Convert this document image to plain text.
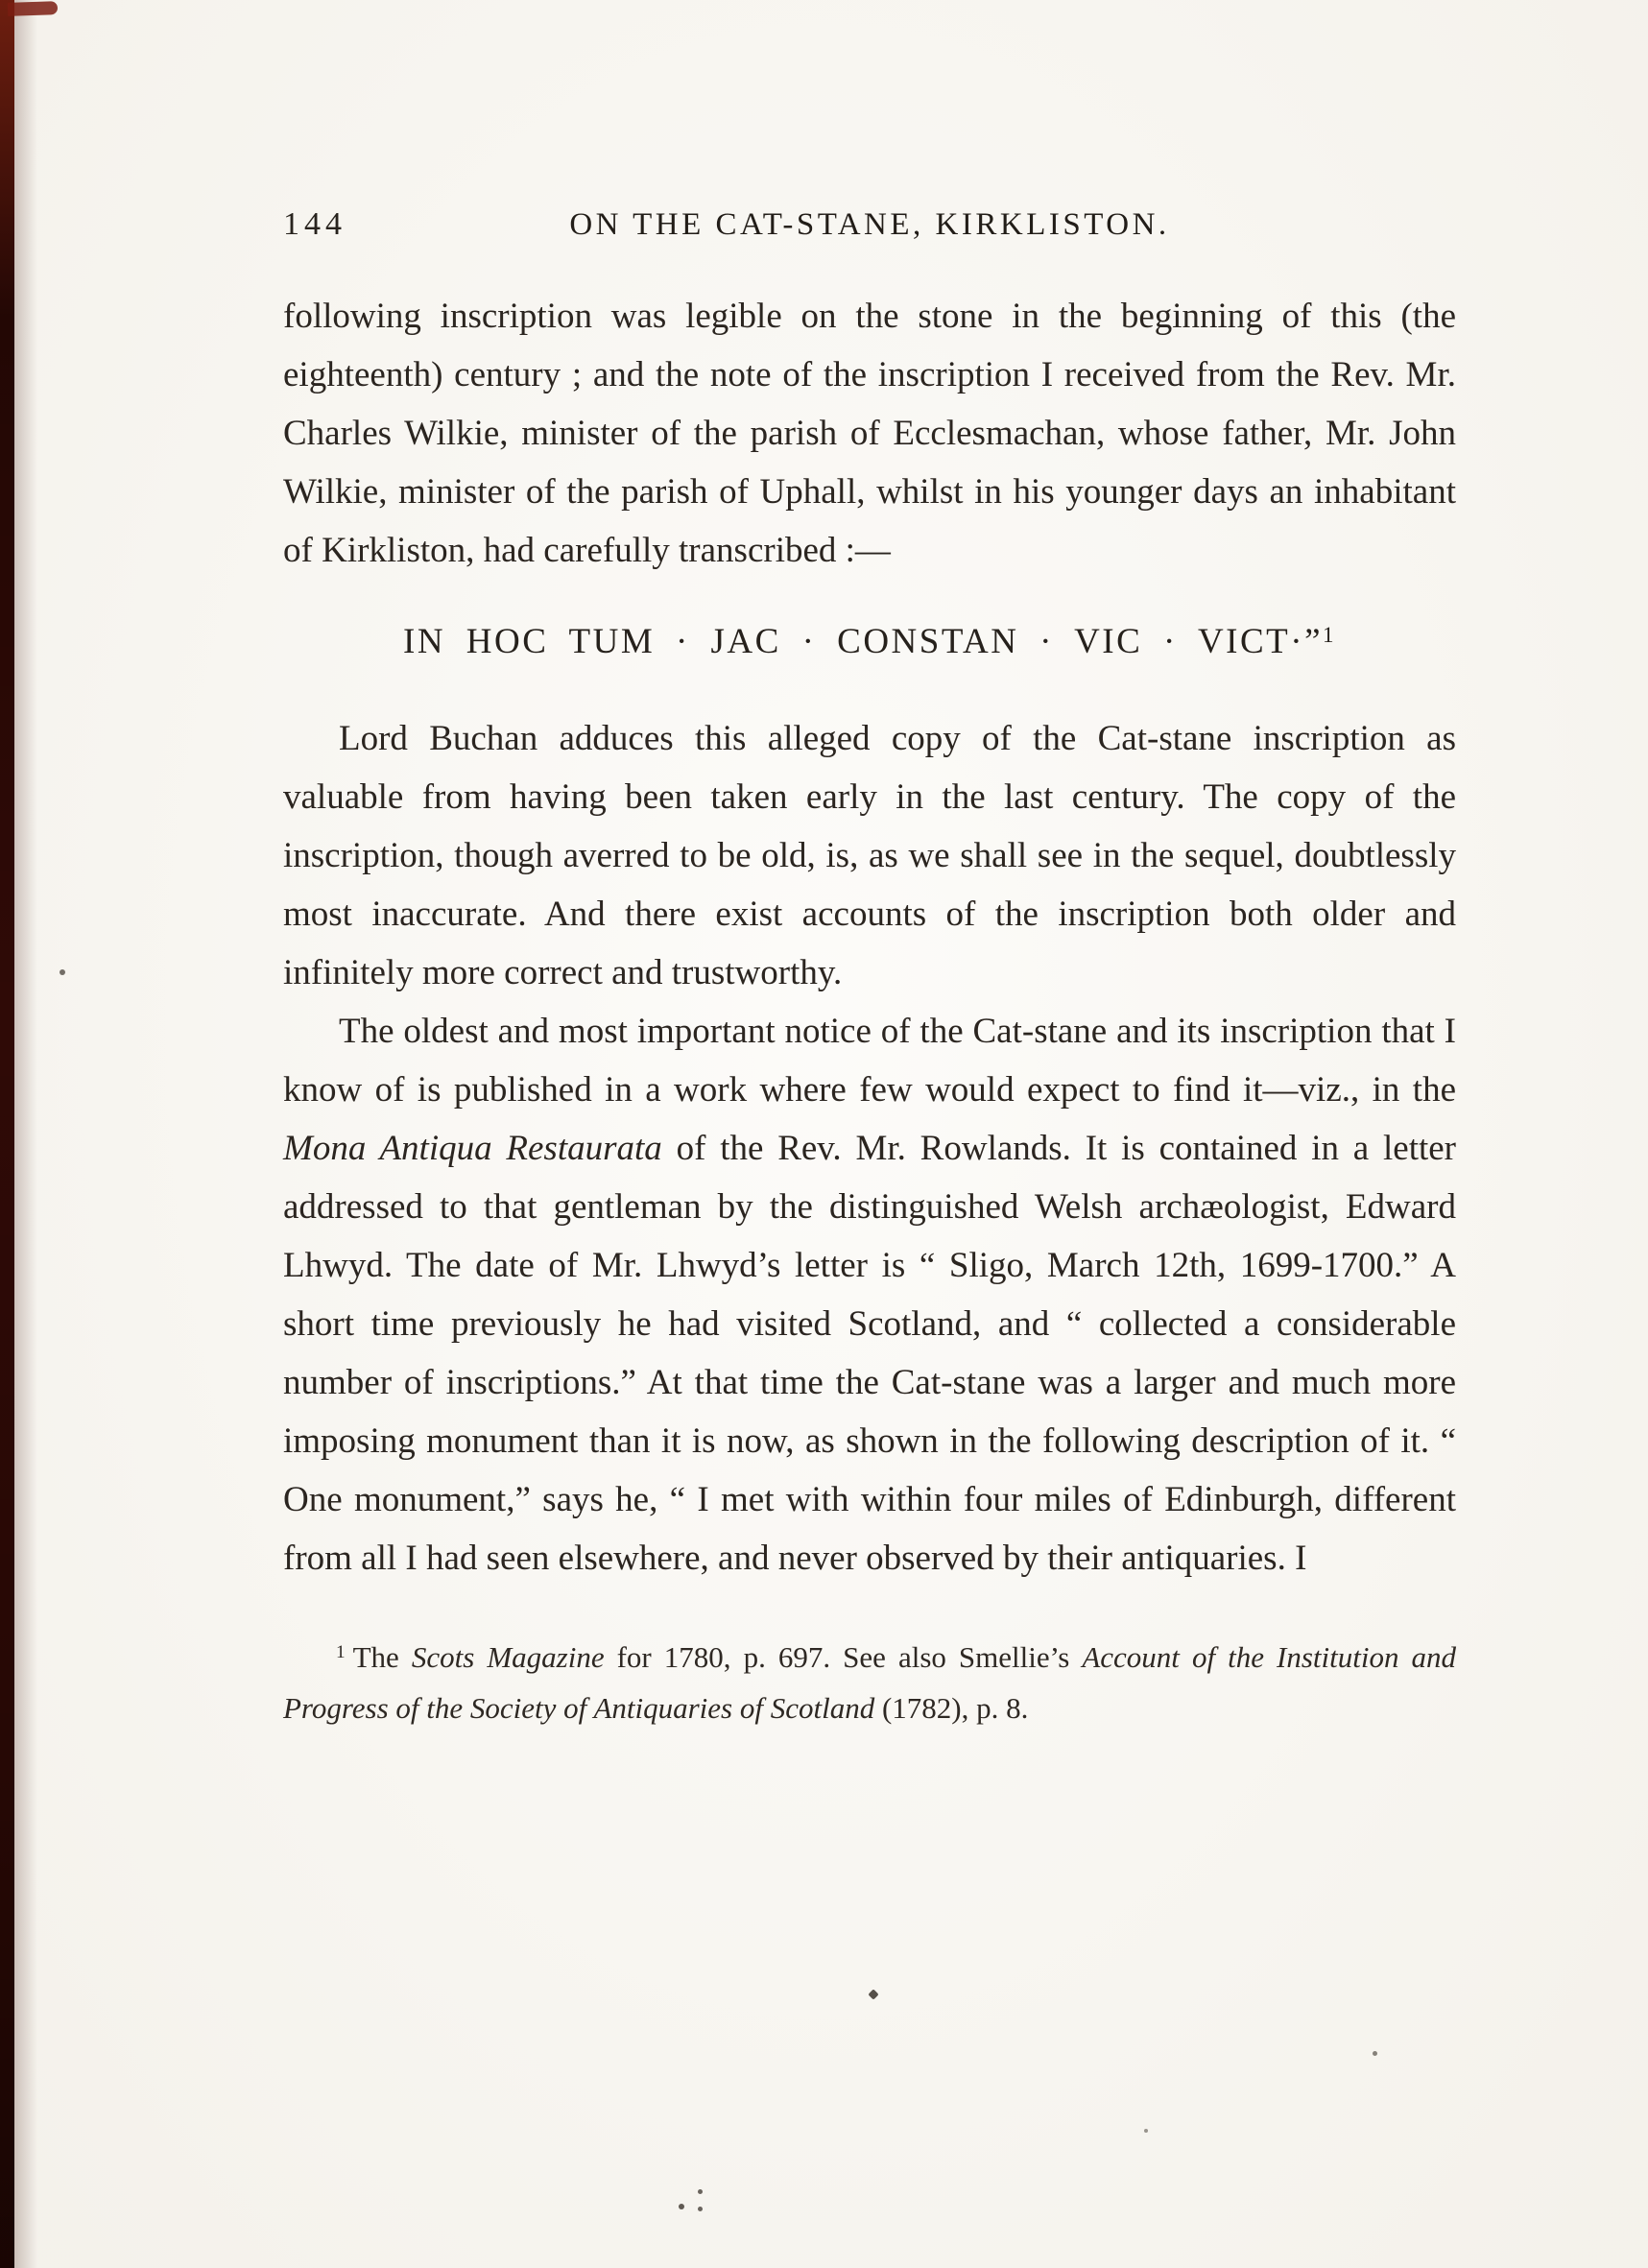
144	ON THE CAT-STANE, KIRKLISTON.

following inscription was legible on the stone in the beginning of this (the eighteenth) century ; and the note of the inscription I received from the Rev. Mr. Charles Wilkie, minister of the parish of Ecclesmachan, whose father, Mr. John Wilkie, minister of the parish of Uphall, whilst in his younger days an inhabitant of Kirkliston, had carefully transcribed :—

IN HOC TUM · JAC · CONSTAN · VIC · VICT·”$^1$

Lord Buchan adduces this alleged copy of the Cat-stane inscription as valuable from having been taken early in the last century. The copy of the inscription, though averred to be old, is, as we shall see in the sequel, doubtlessly most inaccurate. And there exist accounts of the inscription both older and infinitely more correct and trustworthy.

The oldest and most important notice of the Cat-stane and its inscription that I know of is published in a work where few would expect to find it—viz., in the Mona Antiqua Restaurata of the Rev. Mr. Rowlands. It is contained in a letter addressed to that gentleman by the distinguished Welsh archæologist, Edward Lhwyd. The date of Mr. Lhwyd’s letter is “ Sligo, March 12th, 1699-1700.” A short time previously he had visited Scotland, and “ collected a considerable number of inscriptions.” At that time the Cat-stane was a larger and much more imposing monument than it is now, as shown in the following description of it. “ One monument,” says he, “ I met with within four miles of Edinburgh, different from all I had seen elsewhere, and never observed by their antiquaries. I

$^1$ The Scots Magazine for 1780, p. 697. See also Smellie’s Account of the Institution and Progress of the Society of Antiquaries of Scotland (1782), p. 8.
